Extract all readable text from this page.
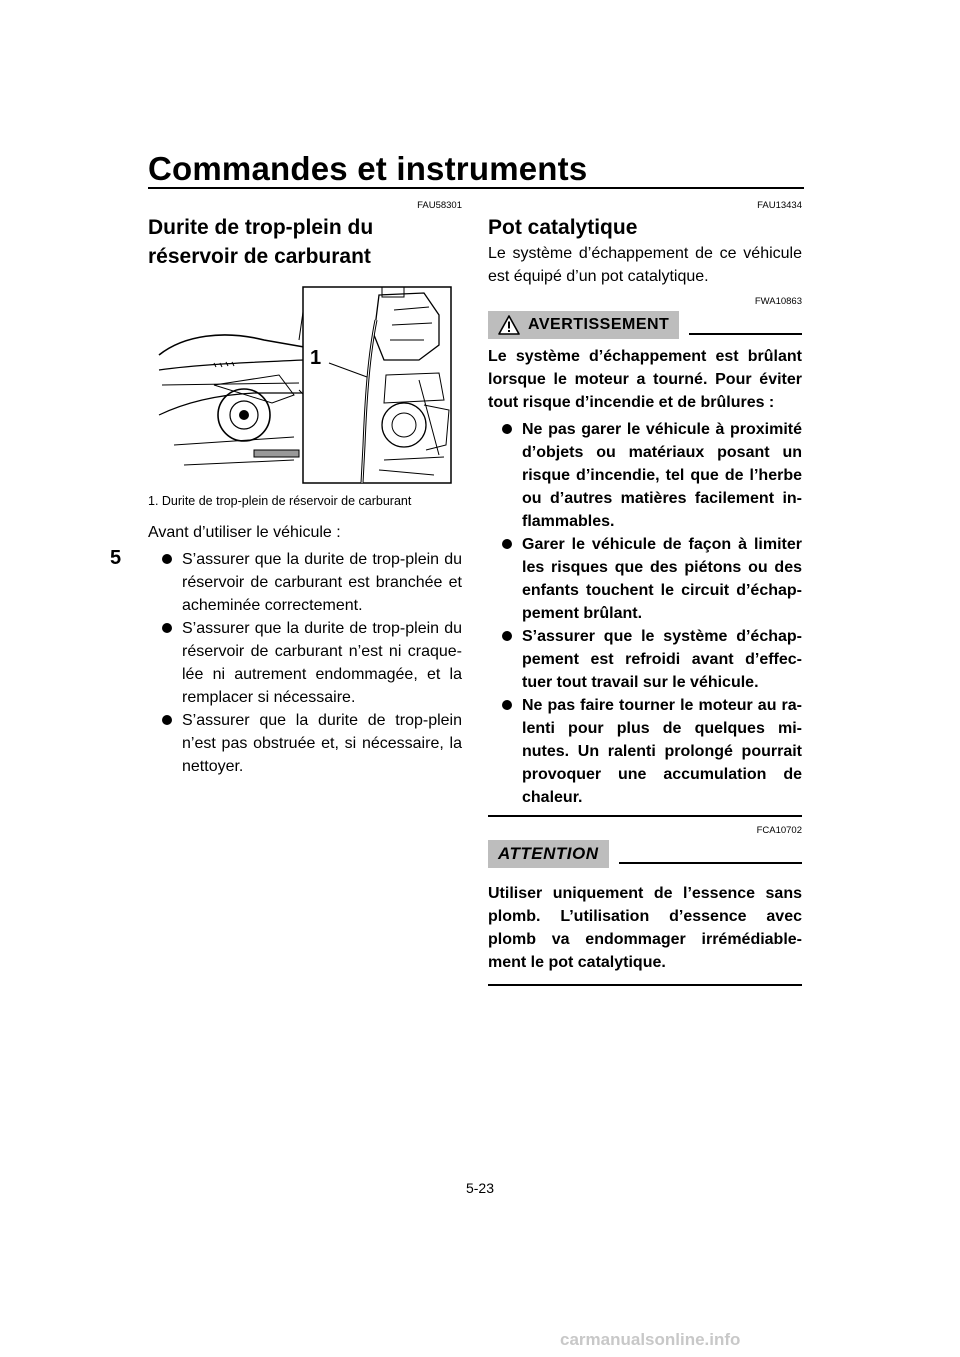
Commandes et instruments
5
FAU58301
Durite de trop-plein du réservoir de carburant
1
1. Durite de trop-plein de réservoir de carburant

Avant d’utiliser le véhicule :

S’assurer que la durite de trop-plein du réservoir de carburant est branchée et acheminée correctement.
S’assurer que la durite de trop-plein du réservoir de carburant n’est ni craque-lée ni autrement endommagée, et la remplacer si nécessaire.
S’assurer que la durite de trop-plein n’est pas obstruée et, si nécessaire, la nettoyer.
FAU13434
Pot catalytique

Le système d’échappement de ce véhicule est équipé d’un pot catalytique.

FWA10863
AVERTISSEMENT

Le système d’échappement est brûlant lorsque le moteur a tourné. Pour éviter tout risque d’incendie et de brûlures :

Ne pas garer le véhicule à proximité d’objets ou matériaux posant un risque d’incendie, tel que de l’herbe ou d’autres matières facilement in-flammables.
Garer le véhicule de façon à limiter les risques que des piétons ou des enfants touchent le circuit d’échap-pement brûlant.
S’assurer que le système d’échap-pement est refroidi avant d’effec-tuer tout travail sur le véhicule.
Ne pas faire tourner le moteur au ra-lenti pour plus de quelques mi-nutes. Un ralenti prolongé pourrait provoquer une accumulation de chaleur.
FCA10702
ATTENTION

Utiliser uniquement de l’essence sans plomb. L’utilisation d’essence avec plomb va endommager irrémédiable-ment le pot catalytique.

5-23
carmanualsonline.info
